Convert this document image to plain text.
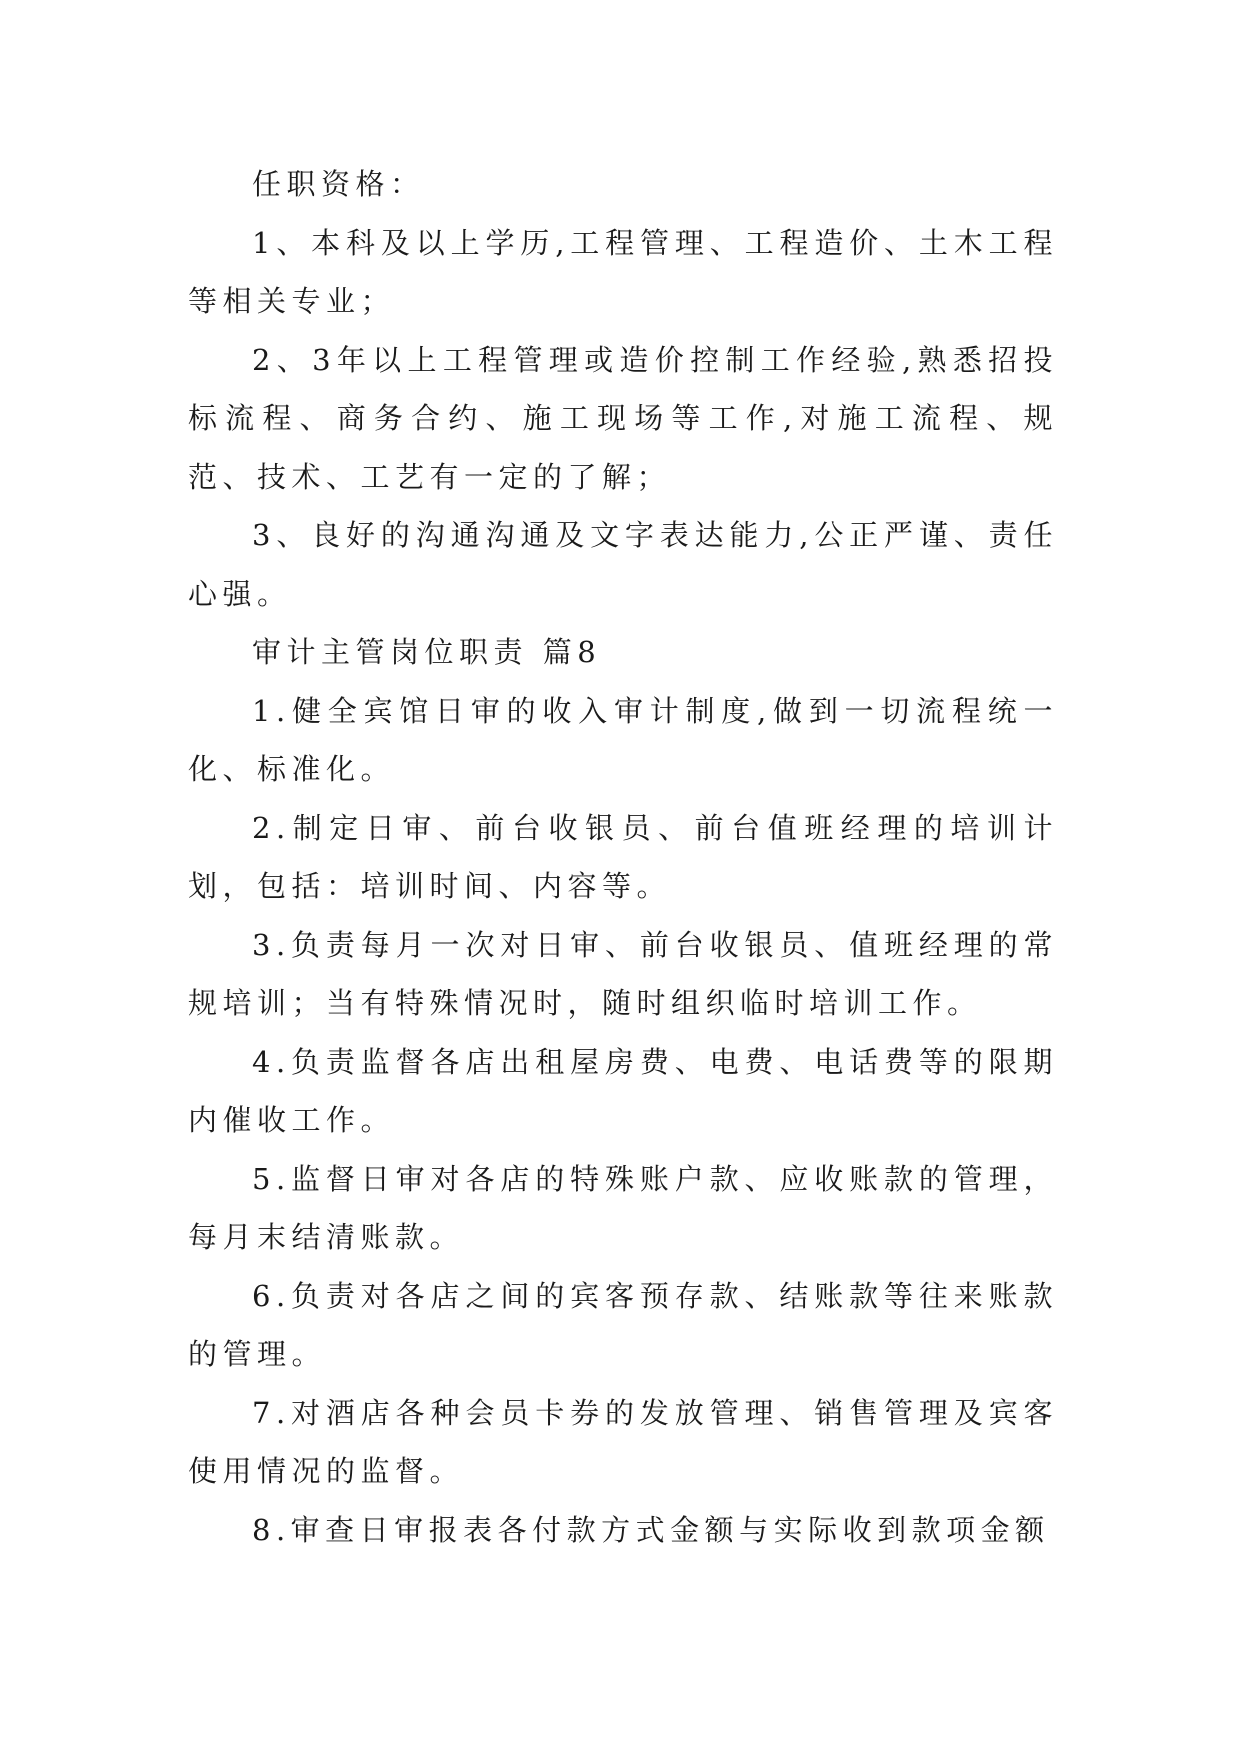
任职资格：

1、本科及以上学历,工程管理、工程造价、土木工程等相关专业；

2、3年以上工程管理或造价控制工作经验,熟悉招投标流程、商务合约、施工现场等工作,对施工流程、规范、技术、工艺有一定的了解；

3、良好的沟通沟通及文字表达能力,公正严谨、责任心强。

审计主管岗位职责 篇8

1.健全宾馆日审的收入审计制度,做到一切流程统一化、标准化。

2.制定日审、前台收银员、前台值班经理的培训计划，包括：培训时间、内容等。

3.负责每月一次对日审、前台收银员、值班经理的常规培训；当有特殊情况时，随时组织临时培训工作。

4.负责监督各店出租屋房费、电费、电话费等的限期内催收工作。

5.监督日审对各店的特殊账户款、应收账款的管理，每月末结清账款。

6.负责对各店之间的宾客预存款、结账款等往来账款的管理。

7.对酒店各种会员卡券的发放管理、销售管理及宾客使用情况的监督。

8.审查日审报表各付款方式金额与实际收到款项金额
